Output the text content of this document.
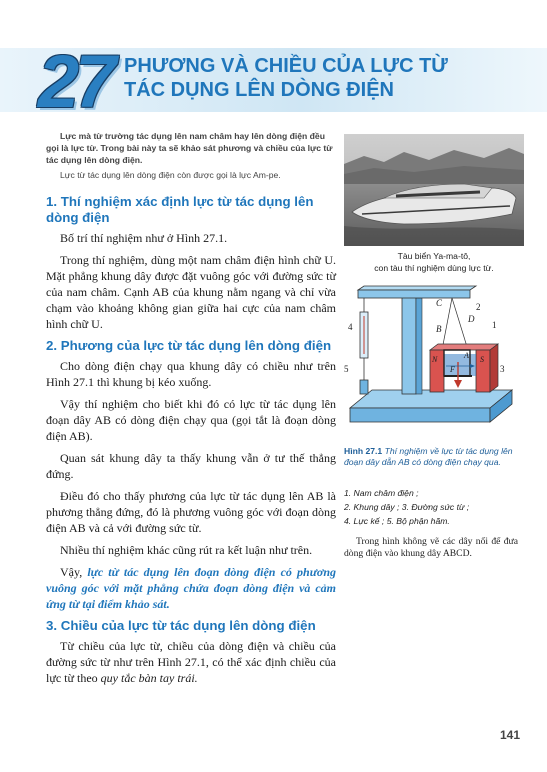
27 PHƯƠNG VÀ CHIỀU CỦA LỰC TỪ
TÁC DỤNG LÊN DÒNG ĐIỆN

Lực mà từ trường tác dụng lên nam châm hay lên dòng điện đều gọi là lực từ. Trong bài này ta sẽ khảo sát phương và chiều của lực từ tác dụng lên dòng điện.

Lực từ tác dụng lên dòng điện còn được gọi là lực Am-pe.

1. Thí nghiệm xác định lực từ tác dụng lên dòng điện

Bố trí thí nghiệm như ở Hình 27.1.

Trong thí nghiệm, dùng một nam châm điện hình chữ U. Mặt phẳng khung dây được đặt vuông góc với đường sức từ của nam châm. Cạnh AB của khung nằm ngang và chỉ vừa chạm vào khoảng không gian giữa hai cực của nam châm hình chữ U.

2. Phương của lực từ tác dụng lên dòng điện

Cho dòng điện chạy qua khung dây có chiều như trên Hình 27.1 thì khung bị kéo xuống.

Vậy thí nghiệm cho biết khi đó có lực từ tác dụng lên đoạn dây AB có dòng điện chạy qua (gọi tắt là đoạn dòng điện AB).

Quan sát khung dây ta thấy khung vẫn ở tư thế thẳng đứng.

Điều đó cho thấy phương của lực từ tác dụng lên AB là phương thẳng đứng, đó là phương vuông góc với đoạn dòng điện AB và cả với đường sức từ.

Nhiều thí nghiệm khác cũng rút ra kết luận như trên.

Vậy, lực từ tác dụng lên đoạn dòng điện có phương vuông góc với mặt phẳng chứa đoạn dòng điện và cảm ứng từ tại điểm khảo sát.

3. Chiều của lực từ tác dụng lên dòng điện

Từ chiều của lực từ, chiều của dòng điện và chiều của đường sức từ như trên Hình 27.1, có thể xác định chiều của lực từ theo quy tắc bàn tay trái.

Tàu biển Ya-ma-tô,
con tàu thí nghiệm dùng lực từ.
C	2
D
B	1
4
5
N	S
A
F	3
Hình 27.1 Thí nghiệm về lực từ tác dụng lên đoạn dây dẫn AB có dòng điện chạy qua.
1. Nam châm điện ;
2. Khung dây ; 3. Đường sức từ ;
4. Lực kế ; 5. Bộ phận hãm.
Trong hình không vẽ các dây nối để đưa dòng điện vào khung dây ABCD.
141
